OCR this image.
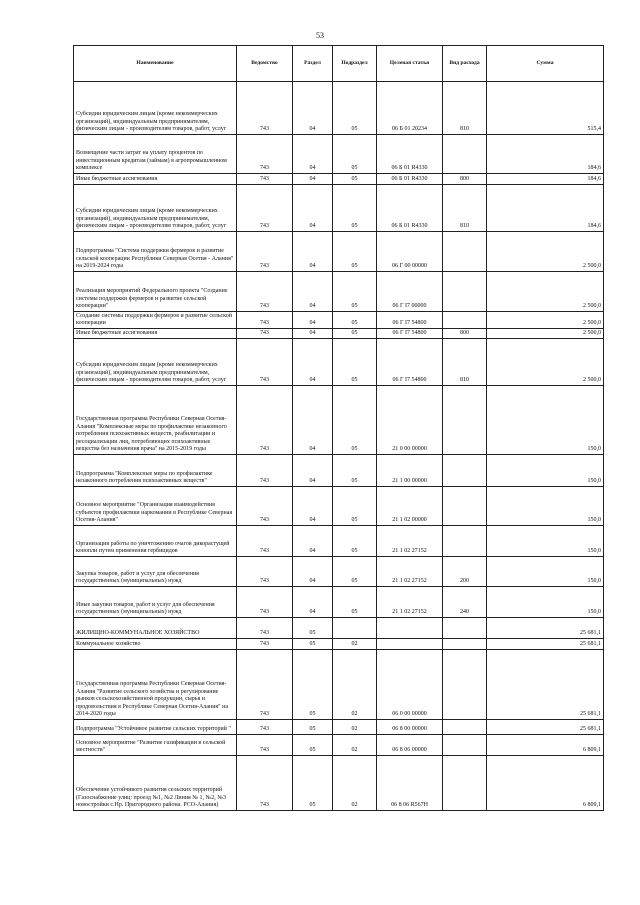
53
Наименование	Ведомство	Раздел	Подраздел	Целевая статья	Вид расхода	Сумма
Субсидии юридическим лицам (кроме некоммерческих организаций), индивидуальным предпринимателям, физическим лицам - производителям товаров, работ, услуг	743	04	05	06 Б 01 20234	810	515,4
Возмещение части затрат на уплату процентов по инвестиционным кредитам (займам) в агропромышленном комплексе	743	04	05	06 Б 01 R4330		184,6
Иные бюджетные ассигнования	743	04	05	06 Б 01 R4330	800	184,6
Субсидии юридическим лицам (кроме некоммерческих организаций), индивидуальным предпринимателям, физическим лицам - производителям товаров, работ, услуг	743	04	05	06 Б 01 R4330	810	184,6
Подпрограмма "Система поддержки фермеров и развитие сельской кооперации Республики Северная Осетия - Алания" на 2019-2024 годы	743	04	05	06 Г 00 00000		2 500,0
Реализация мероприятий Федерального проекта "Создание системы поддержки фермеров и развитие сельской кооперации"	743	04	05	06 Г I7 00000		2 500,0
Создание системы поддержки фермеров и развитие сельской кооперации	743	04	05	06 Г I7 54800		2 500,0
Иные бюджетные ассигнования	743	04	05	06 Г I7 54800	800	2 500,0
Субсидии юридическим лицам (кроме некоммерческих организаций), индивидуальным предпринимателям, физическим лицам - производителям товаров, работ, услуг	743	04	05	06 Г I7 54800	810	2 500,0
Государственная программа Республики Северная Осетия-Алания "Комплексные меры по профилактике незаконного потребления психоактивных веществ, реабилитации и ресоциализации лиц, потребляющих психоактивные вещества без назначения врача" на 2015-2019 годы	743	04	05	21 0 00 00000		150,0
Подпрограмма "Комплексные меры по профилактике незаконного потребления психоактивных веществ"	743	04	05	21 1 00 00000		150,0
Основное мероприятие "Организация взаимодействия субъектов профилактики наркомании в Республике Северная Осетия-Алания"	743	04	05	21 1 02 00000		150,0
Организация работы по уничтожению очагов дикорастущей конопли путем применения гербицидов	743	04	05	21 1 02 27152		150,0
Закупка товаров, работ и услуг для обеспечения государственных (муниципальных) нужд	743	04	05	21 1 02 27152	200	150,0
Иные закупки товаров, работ и услуг для обеспечения государственных (муниципальных) нужд	743	04	05	21 1 02 27152	240	150,0
ЖИЛИЩНО-КОММУНАЛЬНОЕ ХОЗЯЙСТВО	743	05				25 681,1
Коммунальное хозяйство	743	05	02			25 681,1
Государственная программа Республики Северная Осетия-Алания "Развитие сельского хозяйства и регулирование рынков сельскохозяйственной продукции, сырья и продовольствия в Республике Северная Осетия-Алания" на 2014-2020 годы	743	05	02	06 0 00 00000		25 681,1
Подпрограмма "Устойчивое развитие сельских территорий "	743	05	02	06 8 00 00000		25 681,1
Основное мероприятие "Развитие газификации в сельской местности"	743	05	02	06 8 06 00000		6 809,1
Обеспечение устойчивого развития сельских территорий (Газоснабжение улиц: проезд №1, №2 Линия № 1, №2, №3 новостройки с.Нр. Пригородного района. РСО-Алания)	743	05	02	06 8 06 R567H		6 809,1
